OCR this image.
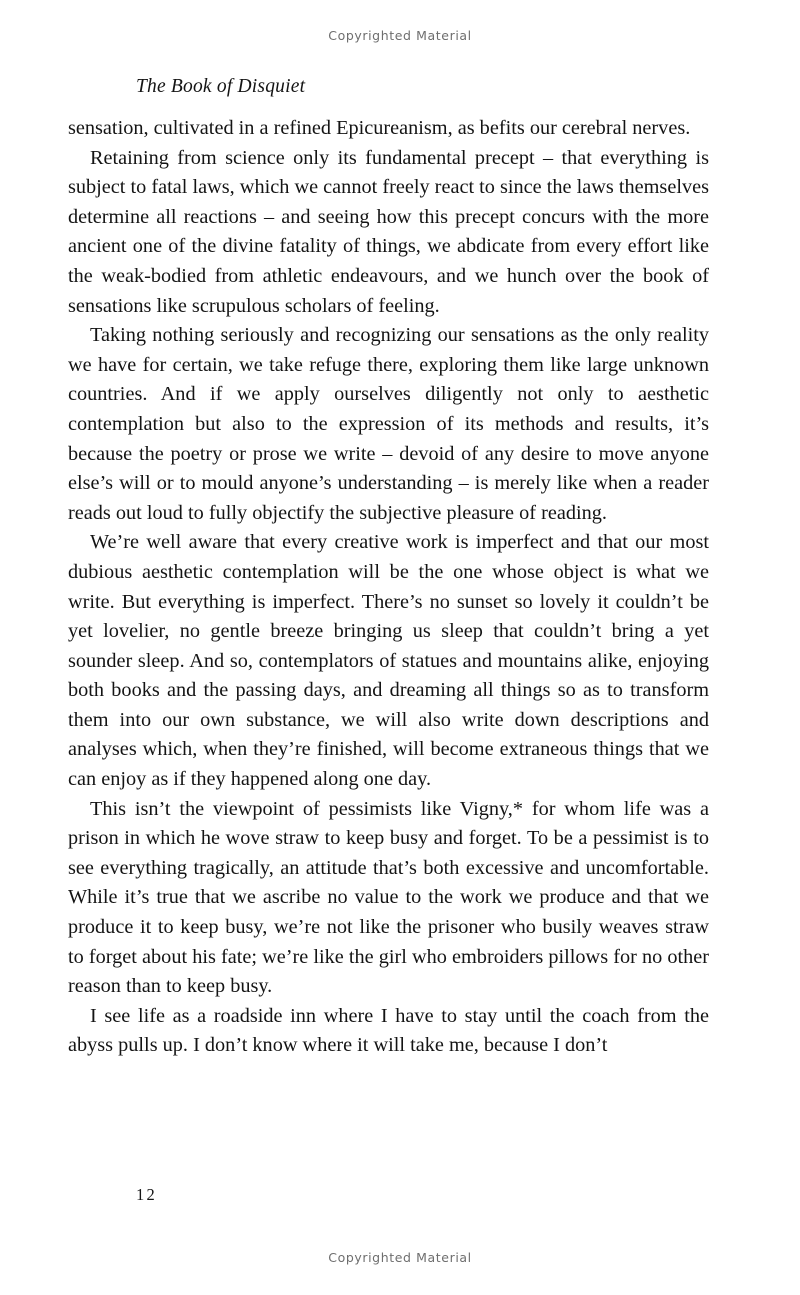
Copyrighted Material
The Book of Disquiet

sensation, cultivated in a refined Epicureanism, as befits our cerebral nerves.

Retaining from science only its fundamental precept – that everything is subject to fatal laws, which we cannot freely react to since the laws themselves determine all reactions – and seeing how this precept concurs with the more ancient one of the divine fatality of things, we abdicate from every effort like the weak-bodied from athletic endeavours, and we hunch over the book of sensations like scrupulous scholars of feeling.

Taking nothing seriously and recognizing our sensations as the only reality we have for certain, we take refuge there, exploring them like large unknown countries. And if we apply ourselves diligently not only to aesthetic contemplation but also to the expression of its methods and results, it’s because the poetry or prose we write – devoid of any desire to move anyone else’s will or to mould anyone’s understanding – is merely like when a reader reads out loud to fully objectify the subjective pleasure of reading.

We’re well aware that every creative work is imperfect and that our most dubious aesthetic contemplation will be the one whose object is what we write. But everything is imperfect. There’s no sunset so lovely it couldn’t be yet lovelier, no gentle breeze bringing us sleep that couldn’t bring a yet sounder sleep. And so, contemplators of statues and mountains alike, enjoying both books and the passing days, and dreaming all things so as to transform them into our own substance, we will also write down descriptions and analyses which, when they’re finished, will become extraneous things that we can enjoy as if they happened along one day.

This isn’t the viewpoint of pessimists like Vigny,* for whom life was a prison in which he wove straw to keep busy and forget. To be a pessimist is to see everything tragically, an attitude that’s both excessive and uncomfortable. While it’s true that we ascribe no value to the work we produce and that we produce it to keep busy, we’re not like the prisoner who busily weaves straw to forget about his fate; we’re like the girl who embroiders pillows for no other reason than to keep busy.

I see life as a roadside inn where I have to stay until the coach from the abyss pulls up. I don’t know where it will take me, because I don’t

12
Copyrighted Material
